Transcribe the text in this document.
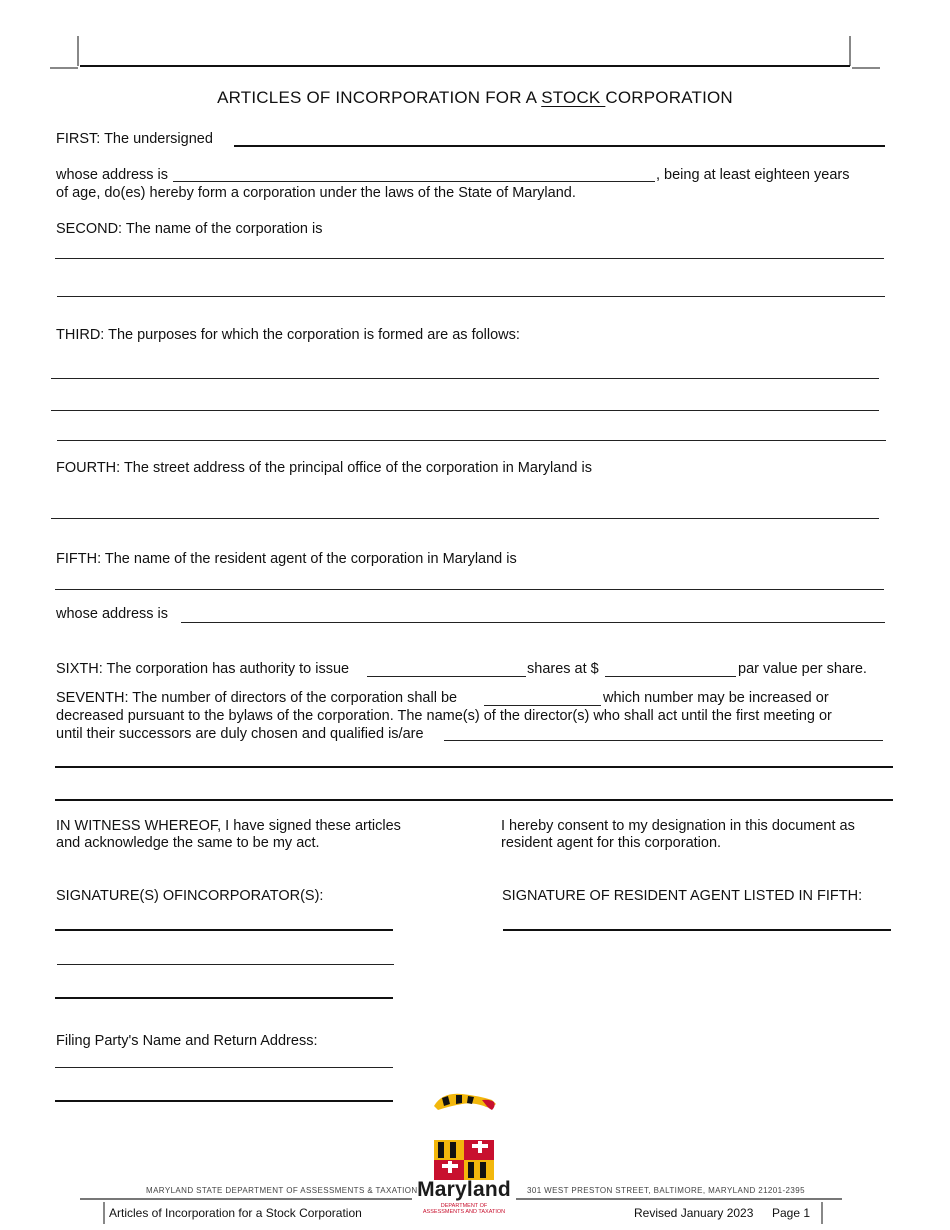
ARTICLES OF INCORPORATION FOR A STOCK CORPORATION
FIRST: The undersigned
whose address is	, being at least eighteen years
of age, do(es) hereby form a corporation under the laws of the State of Maryland.
SECOND: The name of the corporation is
THIRD: The purposes for which the corporation is formed are as follows:
FOURTH: The street address of the principal office of the corporation in Maryland is
FIFTH: The name of the resident agent of the corporation in Maryland is
whose address is
SIXTH: The corporation has authority to issue	shares at $	par value per share.
SEVENTH: The number of directors of the corporation shall be	which number may be increased or
decreased pursuant to the bylaws of the corporation. The name(s) of the director(s) who shall act until the first meeting or
until their successors are duly chosen and qualified is/are
IN WITNESS WHEREOF, I have signed these articles
and acknowledge the same to be my act.
I hereby consent to my designation in this document as
resident agent for this corporation.
SIGNATURE(S) OFINCORPORATOR(S):	SIGNATURE OF RESIDENT AGENT LISTED IN FIFTH:
Filing Party's Name and Return Address:
Maryland
DEPARTMENT OF
ASSESSMENTS AND TAXATION
MARYLAND STATE DEPARTMENT OF ASSESSMENTS & TAXATION	301 WEST PRESTON STREET, BALTIMORE, MARYLAND 21201-2395
Articles of Incorporation for a Stock Corporation	Revised January 2023 Page 1
